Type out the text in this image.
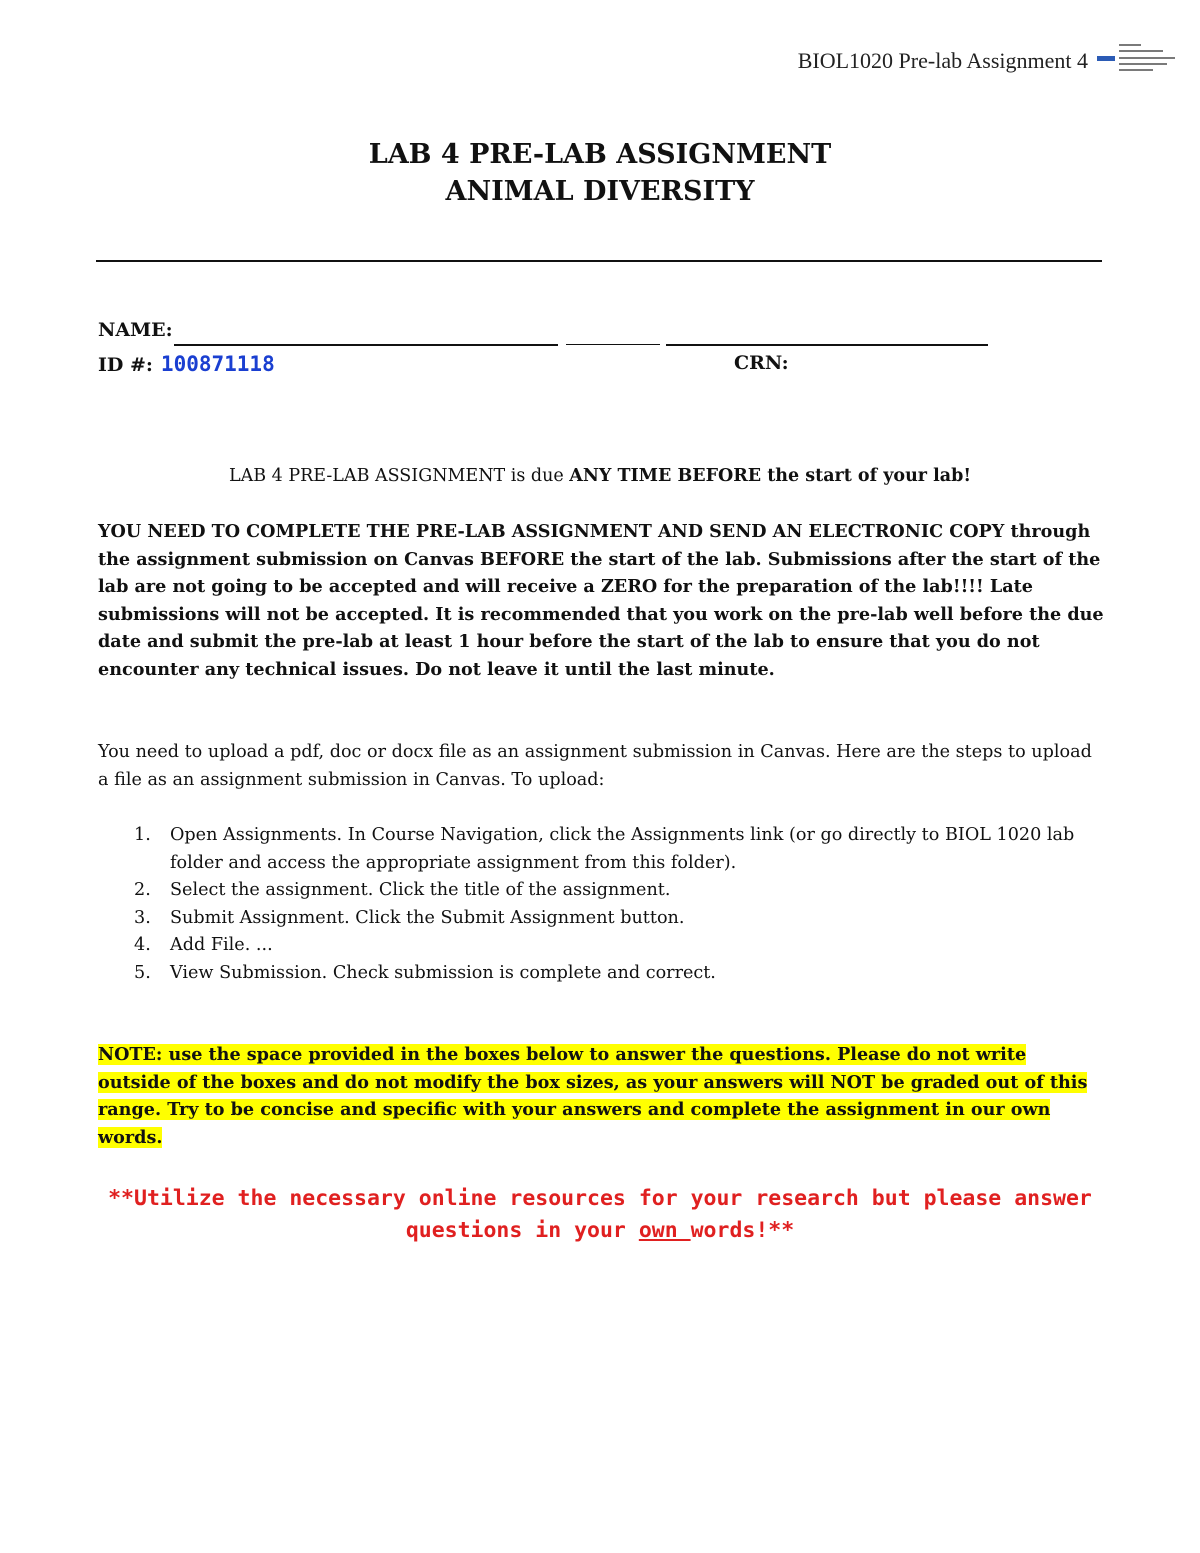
BIOL1020 Pre-lab Assignment 4
LAB 4 PRE-LAB ASSIGNMENT
ANIMAL DIVERSITY
NAME:
ID #: 100871118	CRN:
LAB 4 PRE-LAB ASSIGNMENT is due ANY TIME BEFORE the start of your lab!
YOU NEED TO COMPLETE THE PRE-LAB ASSIGNMENT AND SEND AN ELECTRONIC COPY through the assignment submission on Canvas BEFORE the start of the lab. Submissions after the start of the lab are not going to be accepted and will receive a ZERO for the preparation of the lab!!!! Late submissions will not be accepted. It is recommended that you work on the pre-lab well before the due date and submit the pre-lab at least 1 hour before the start of the lab to ensure that you do not encounter any technical issues. Do not leave it until the last minute.
You need to upload a pdf, doc or docx file as an assignment submission in Canvas. Here are the steps to upload a file as an assignment submission in Canvas. To upload:
1. Open Assignments. In Course Navigation, click the Assignments link (or go directly to BIOL 1020 lab folder and access the appropriate assignment from this folder).
2. Select the assignment. Click the title of the assignment.
3. Submit Assignment. Click the Submit Assignment button.
4. Add File. ...
5. View Submission. Check submission is complete and correct.
NOTE: use the space provided in the boxes below to answer the questions. Please do not write outside of the boxes and do not modify the box sizes, as your answers will NOT be graded out of this range. Try to be concise and specific with your answers and complete the assignment in our own words.
**Utilize the necessary online resources for your research but please answer questions in your own words!**
